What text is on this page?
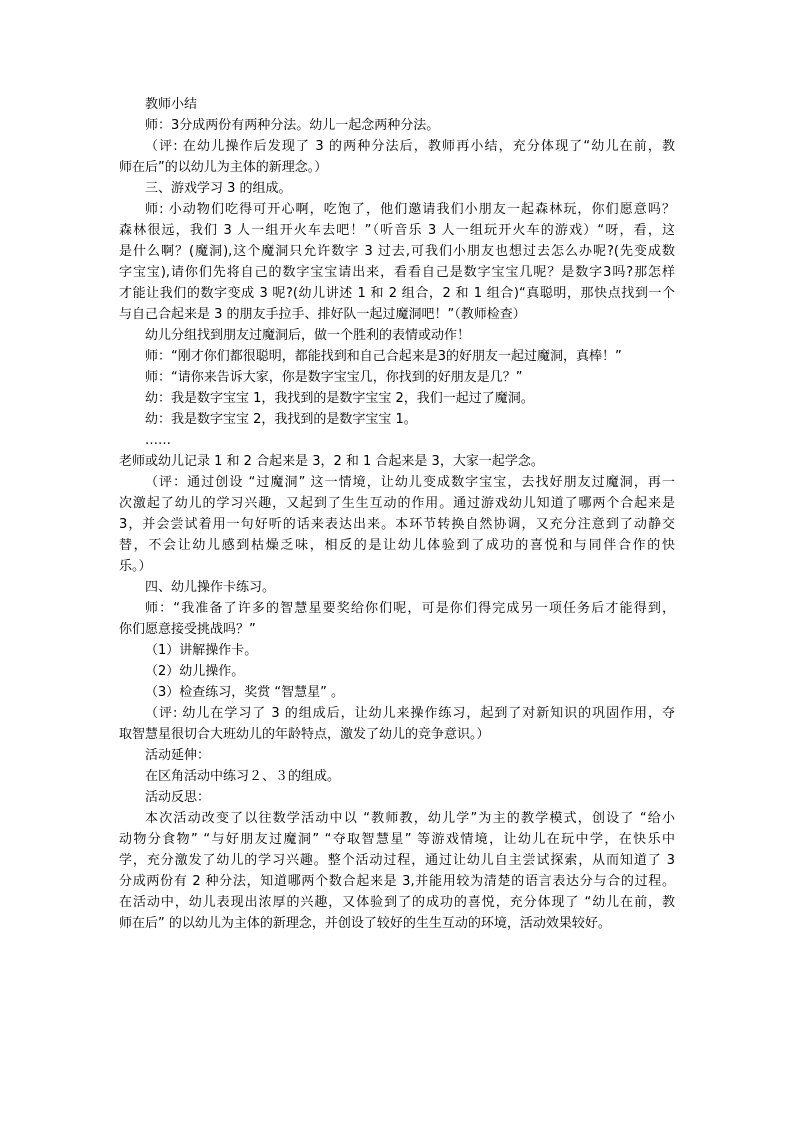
教师小结
师：3分成两份有两种分法。幼儿一起念两种分法。
（评: 在幼儿操作后发现了 3 的两种分法后，教师再小结，充分体现了“幼儿在前，教
师在后”的以幼儿为主体的新理念。）
三、游戏学习 3 的组成。
师: 小动物们吃得可开心啊，吃饱了，他们邀请我们小朋友一起森林玩，你们愿意吗？
森林很远，我们 3 人一组开火车去吧！”（听音乐 3 人一组玩开火车的游戏）“呀，看，这
是什么啊？(魔洞),这个魔洞只允许数字 3 过去,可我们小朋友也想过去怎么办呢?(先变成数
字宝宝),请你们先将自己的数字宝宝请出来，看看自己是数字宝宝几呢？是数字3吗?那怎样
才能让我们的数字变成 3 呢?(幼儿讲述 1 和 2 组合，2 和 1 组合)“真聪明，那快点找到一个
与自己合起来是 3 的朋友手拉手、排好队一起过魔洞吧！”（教师检查）
幼儿分组找到朋友过魔洞后，做一个胜利的表情或动作！
师：“刚才你们都很聪明，都能找到和自己合起来是3的好朋友一起过魔洞，真棒！”
师：“请你来告诉大家，你是数字宝宝几，你找到的好朋友是几？”
幼：我是数字宝宝 1，我找到的是数字宝宝 2，我们一起过了魔洞。
幼：我是数字宝宝 2，我找到的是数字宝宝 1。
……
老师或幼儿记录 1 和 2 合起来是 3，2 和 1 合起来是 3，大家一起学念。
（评：通过创设 “过魔洞” 这一情境，让幼儿变成数字宝宝，去找好朋友过魔洞，再一
次激起了幼儿的学习兴趣，又起到了生生互动的作用。通过游戏幼儿知道了哪两个合起来是
3，并会尝试着用一句好听的话来表达出来。本环节转换自然协调，又充分注意到了动静交
替，不会让幼儿感到枯燥乏味，相反的是让幼儿体验到了成功的喜悦和与同伴合作的快
乐。）
四、幼儿操作卡练习。
师：“我准备了许多的智慧星要奖给你们呢，可是你们得完成另一项任务后才能得到，
你们愿意接受挑战吗？”
（1）讲解操作卡。
（2）幼儿操作。
（3）检查练习，奖赏 “智慧星” 。
（评: 幼儿在学习了 3 的组成后，让幼儿来操作练习，起到了对新知识的巩固作用，夺
取智慧星很切合大班幼儿的年龄特点，激发了幼儿的竞争意识。）
活动延伸：
在区角活动中练习２、３的组成。
活动反思：
本次活动改变了以往数学活动中以 “教师教，幼儿学”为主的教学模式，创设了 “给小
动物分食物” “与好朋友过魔洞” “夺取智慧星” 等游戏情境，让幼儿在玩中学，在快乐中
学，充分激发了幼儿的学习兴趣。整个活动过程，通过让幼儿自主尝试探索，从而知道了 3
分成两份有 2 种分法，知道哪两个数合起来是 3,并能用较为清楚的语言表达分与合的过程。
在活动中，幼儿表现出浓厚的兴趣，又体验到了的成功的喜悦，充分体现了 “幼儿在前，教
师在后” 的以幼儿为主体的新理念，并创设了较好的生生互动的环境，活动效果较好。
